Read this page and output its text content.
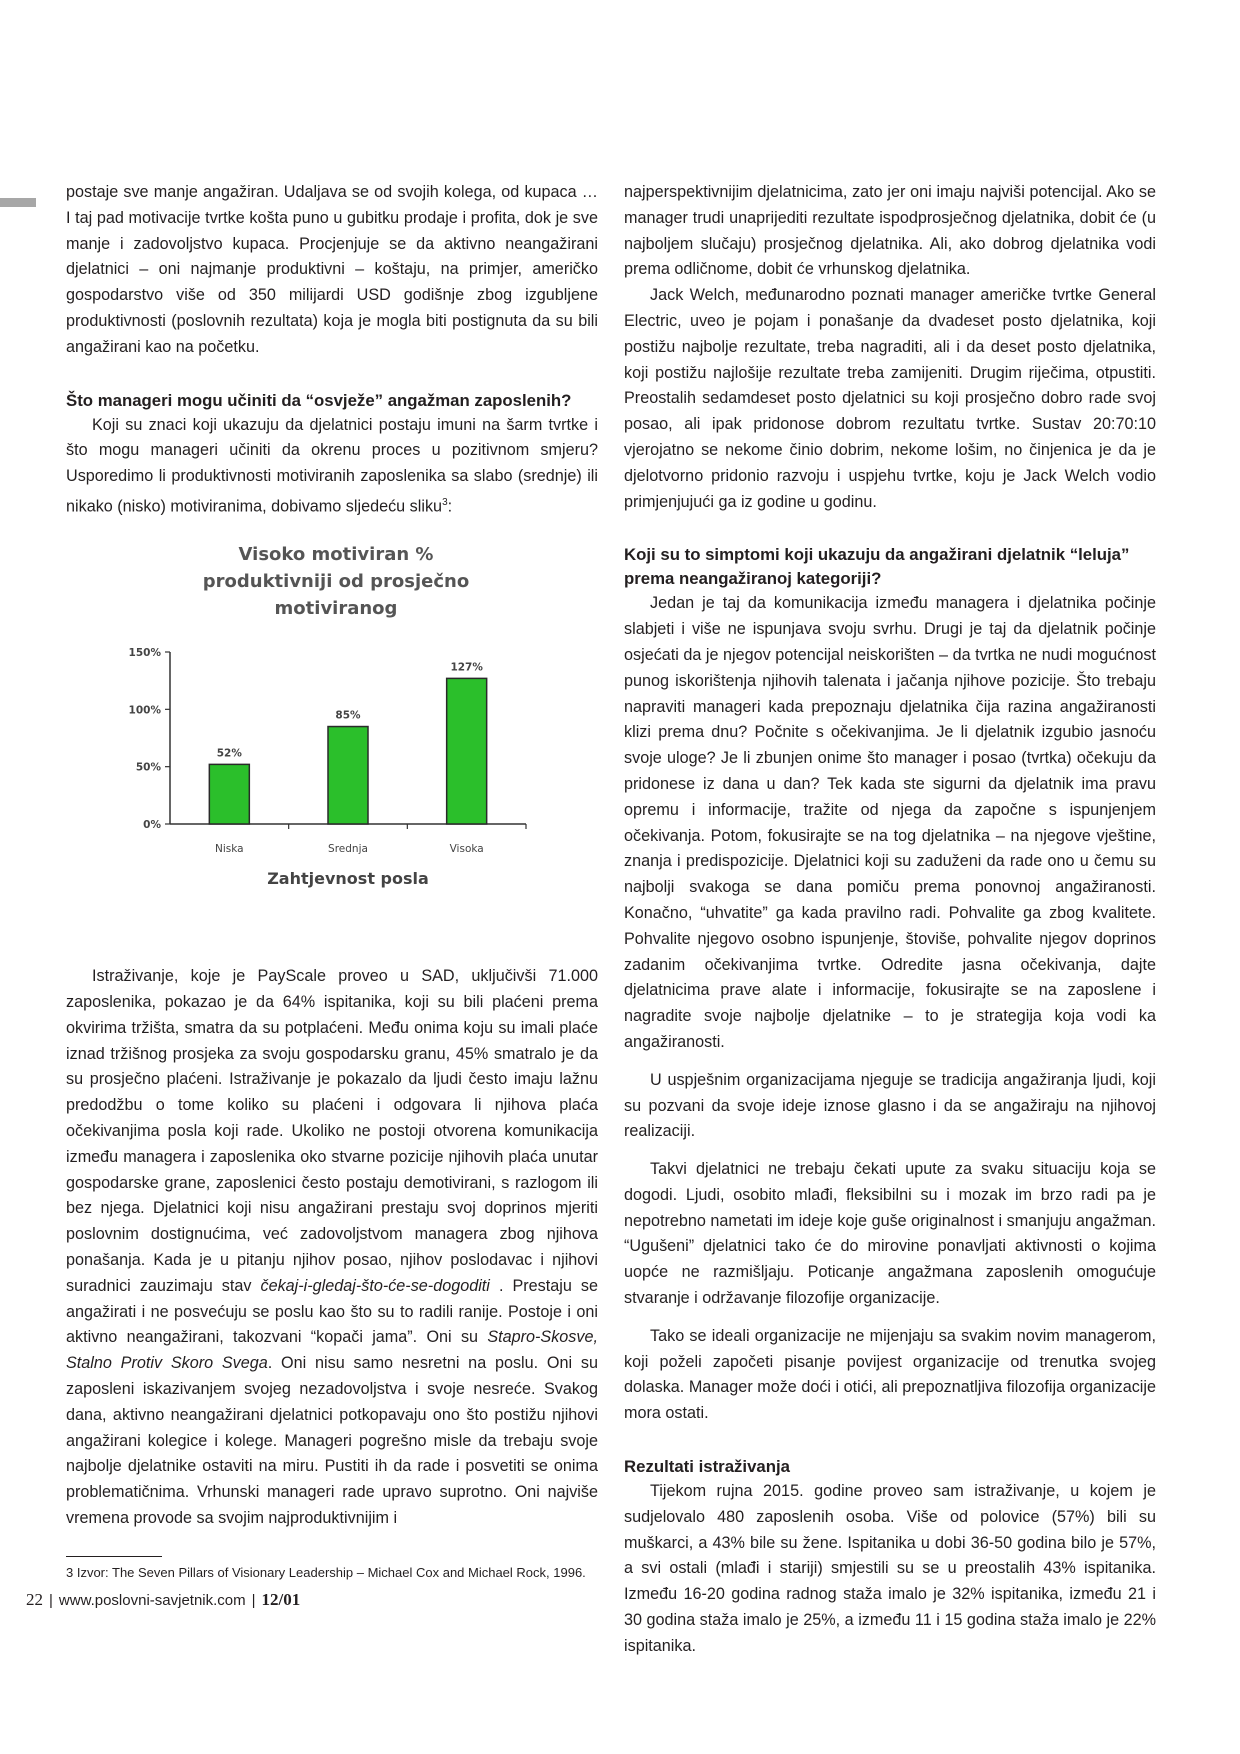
postaje sve manje angažiran. Udaljava se od svojih kolega, od kupaca … I taj pad motivacije tvrtke košta puno u gubitku prodaje i profita, dok je sve manje i zadovoljstvo kupaca. Procjenjuje se da aktivno neangažirani djelatnici – oni najmanje produktivni – koštaju, na primjer, američko gospodarstvo više od 350 milijardi USD godišnje zbog izgubljene produktivnosti (poslovnih rezultata) koja je mogla biti postignuta da su bili angažirani kao na početku.

Što manageri mogu učiniti da “osvježe” angažman zaposlenih?

Koji su znaci koji ukazuju da djelatnici postaju imuni na šarm tvrtke i što mogu manageri učiniti da okrenu proces u pozitivnom smjeru? Usporedimo li produktivnosti motiviranih zaposlenika sa slabo (srednje) ili nikako (nisko) motiviranima, dobivamo sljedeću sliku$^3$:

Visoko motiviran %
produktivniji od prosječno
motiviranog
0%
50%
100%
150%
52%
Niska
85%
Srednja
127%
Visoka
Zahtjevnost posla

Istraživanje, koje je PayScale proveo u SAD, uključivši 71.000 zaposlenika, pokazao je da 64% ispitanika, koji su bili plaćeni prema okvirima tržišta, smatra da su potplaćeni. Među onima koju su imali plaće iznad tržišnog prosjeka za svoju gospodarsku granu, 45% smatralo je da su prosječno plaćeni. Istraživanje je pokazalo da ljudi često imaju lažnu predodžbu o tome koliko su plaćeni i odgovara li njihova plaća očekivanjima posla koji rade. Ukoliko ne postoji otvorena komunikacija između managera i zaposlenika oko stvarne pozicije njihovih plaća unutar gospodarske grane, zaposlenici često postaju demotivirani, s razlogom ili bez njega. Djelatnici koji nisu angažirani prestaju svoj doprinos mjeriti poslovnim dostignućima, već zadovoljstvom managera zbog njihova ponašanja. Kada je u pitanju njihov posao, njihov poslodavac i njihovi suradnici zauzimaju stav čekaj-i-gledaj-što-će-se-dogoditi . Prestaju se angažirati i ne posvećuju se poslu kao što su to radili ranije. Postoje i oni aktivno neangažirani, takozvani “kopači jama”. Oni su Stapro-Skosve, Stalno Protiv Skoro Svega. Oni nisu samo nesretni na poslu. Oni su zaposleni iskazivanjem svojeg nezadovoljstva i svoje nesreće. Svakog dana, aktivno neangažirani djelatnici potkopavaju ono što postižu njihovi angažirani kolegice i kolege. Manageri pogrešno misle da trebaju svoje najbolje djelatnike ostaviti na miru. Pustiti ih da rade i posvetiti se onima problematičnima. Vrhunski manageri rade upravo suprotno. Oni najviše vremena provode sa svojim najproduktivnijim i

3 Izvor: The Seven Pillars of Visionary Leadership – Michael Cox and Michael Rock, 1996.

najperspektivnijim djelatnicima, zato jer oni imaju najviši potencijal. Ako se manager trudi unaprijediti rezultate ispodprosječnog djelatnika, dobit će (u najboljem slučaju) prosječnog djelatnika. Ali, ako dobrog djelatnika vodi prema odličnome, dobit će vrhunskog djelatnika.

Jack Welch, međunarodno poznati manager američke tvrtke General Electric, uveo je pojam i ponašanje da dvadeset posto djelatnika, koji postižu najbolje rezultate, treba nagraditi, ali i da deset posto djelatnika, koji postižu najlošije rezultate treba zamijeniti. Drugim riječima, otpustiti. Preostalih sedamdeset posto djelatnici su koji prosječno dobro rade svoj posao, ali ipak pridonose dobrom rezultatu tvrtke. Sustav 20:70:10 vjerojatno se nekome činio dobrim, nekome lošim, no činjenica je da je djelotvorno pridonio razvoju i uspjehu tvrtke, koju je Jack Welch vodio primjenjujući ga iz godine u godinu.

Koji su to simptomi koji ukazuju da angažirani djelatnik “leluja” prema neangažiranoj kategoriji?

Jedan je taj da komunikacija između managera i djelatnika počinje slabjeti i više ne ispunjava svoju svrhu. Drugi je taj da djelatnik počinje osjećati da je njegov potencijal neiskorišten – da tvrtka ne nudi mogućnost punog iskorištenja njihovih talenata i jačanja njihove pozicije. Što trebaju napraviti manageri kada prepoznaju djelatnika čija razina angažiranosti klizi prema dnu? Počnite s očekivanjima. Je li djelatnik izgubio jasnoću svoje uloge? Je li zbunjen onime što manager i posao (tvrtka) očekuju da pridonese iz dana u dan? Tek kada ste sigurni da djelatnik ima pravu opremu i informacije, tražite od njega da započne s ispunjenjem očekivanja. Potom, fokusirajte se na tog djelatnika – na njegove vještine, znanja i predispozicije. Djelatnici koji su zaduženi da rade ono u čemu su najbolji svakoga se dana pomiču prema ponovnoj angažiranosti. Konačno, “uhvatite” ga kada pravilno radi. Pohvalite ga zbog kvalitete. Pohvalite njegovo osobno ispunjenje, štoviše, pohvalite njegov doprinos zadanim očekivanjima tvrtke. Odredite jasna očekivanja, dajte djelatnicima prave alate i informacije, fokusirajte se na zaposlene i nagradite svoje najbolje djelatnike – to je strategija koja vodi ka angažiranosti.

U uspješnim organizacijama njeguje se tradicija angažiranja ljudi, koji su pozvani da svoje ideje iznose glasno i da se angažiraju na njihovoj realizaciji.

Takvi djelatnici ne trebaju čekati upute za svaku situaciju koja se dogodi. Ljudi, osobito mlađi, fleksibilni su i mozak im brzo radi pa je nepotrebno nametati im ideje koje guše originalnost i smanjuju angažman. “Ugušeni” djelatnici tako će do mirovine ponavljati aktivnosti o kojima uopće ne razmišljaju. Poticanje angažmana zaposlenih omogućuje stvaranje i održavanje filozofije organizacije.

Tako se ideali organizacije ne mijenjaju sa svakim novim managerom, koji poželi započeti pisanje povijest organizacije od trenutka svojeg dolaska. Manager može doći i otići, ali prepoznatljiva filozofija organizacije mora ostati.

Rezultati istraživanja

Tijekom rujna 2015. godine proveo sam istraživanje, u kojem je sudjelovalo 480 zaposlenih osoba. Više od polovice (57%) bili su muškarci, a 43% bile su žene. Ispitanika u dobi 36-50 godina bilo je 57%, a svi ostali (mlađi i stariji) smjestili su se u preostalih 43% ispitanika. Između 16-20 godina radnog staža imalo je 32% ispitanika, između 21 i 30 godina staža imalo je 25%, a između 11 i 15 godina staža imalo je 22% ispitanika.

22 | www.poslovni-savjetnik.com | 12/01
